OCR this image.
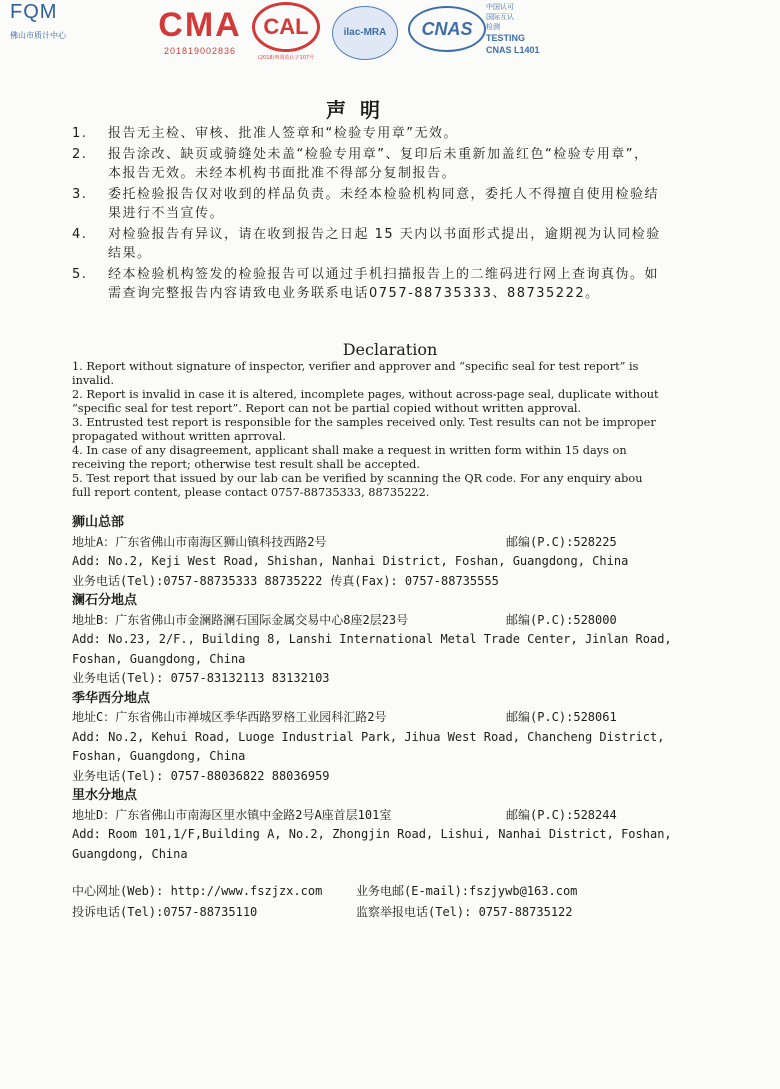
FQM
佛山市质计中心	CMA
201819002836
CAL
(2018)粤质监认字107号
ilac-MRA	CNAS
中国认可
国际互认
检测
TESTING
CNAS L1401
声明
1.	报告无主检、审核、批准人签章和“检验专用章”无效。
2.	报告涂改、缺页或骑缝处未盖“检验专用章”、复印后未重新加盖红色“检验专用章”，本报告无效。未经本机构书面批准不得部分复制报告。
3.	委托检验报告仅对收到的样品负责。未经本检验机构同意，委托人不得擅自使用检验结果进行不当宣传。
4.	对检验报告有异议，请在收到报告之日起 15 天内以书面形式提出，逾期视为认同检验结果。
5.	经本检验机构签发的检验报告可以通过手机扫描报告上的二维码进行网上查询真伪。如需查询完整报告内容请致电业务联系电话0757-88735333、88735222。
Declaration

1. Report without signature of inspector, verifier and approver and “specific seal for test report” is invalid.

2. Report is invalid in case it is altered, incomplete pages, without across-page seal, duplicate without “specific seal for test report”. Report can not be partial copied without written approval.

3. Entrusted test report is responsible for the samples received only. Test results can not be improper propagated without written aprroval.

4. In case of any disagreement, applicant shall make a request in written form within 15 days on receiving the report; otherwise test result shall be accepted.

5. Test report that issued by our lab can be verified by scanning the QR code. For any enquiry abou full report content, please contact 0757-88735333, 88735222.

狮山总部
地址A：广东省佛山市南海区狮山镇科技西路2号	邮编(P.C):528225
Add: No.2, Keji West Road, Shishan, Nanhai District, Foshan, Guangdong, China
业务电话(Tel):0757-88735333 88735222 传真(Fax): 0757-88735555
澜石分地点
地址B：广东省佛山市金澜路澜石国际金属交易中心8座2层23号	邮编(P.C):528000
Add: No.23, 2/F., Building 8, Lanshi International Metal Trade Center, Jinlan Road,
Foshan, Guangdong, China
业务电话(Tel): 0757-83132113 83132103
季华西分地点
地址C：广东省佛山市禅城区季华西路罗格工业园科汇路2号	邮编(P.C):528061
Add: No.2, Kehui Road, Luoge Industrial Park, Jihua West Road, Chancheng District,
Foshan, Guangdong, China
业务电话(Tel): 0757-88036822 88036959
里水分地点
地址D：广东省佛山市南海区里水镇中金路2号A座首层101室	邮编(P.C):528244
Add: Room 101,1/F,Building A, No.2, Zhongjin Road, Lishui, Nanhai District, Foshan,
Guangdong, China
中心网址(Web): http://www.fszjzx.com	业务电邮(E-mail):fszjywb@163.com
投诉电话(Tel):0757-88735110	监察举报电话(Tel): 0757-88735122
